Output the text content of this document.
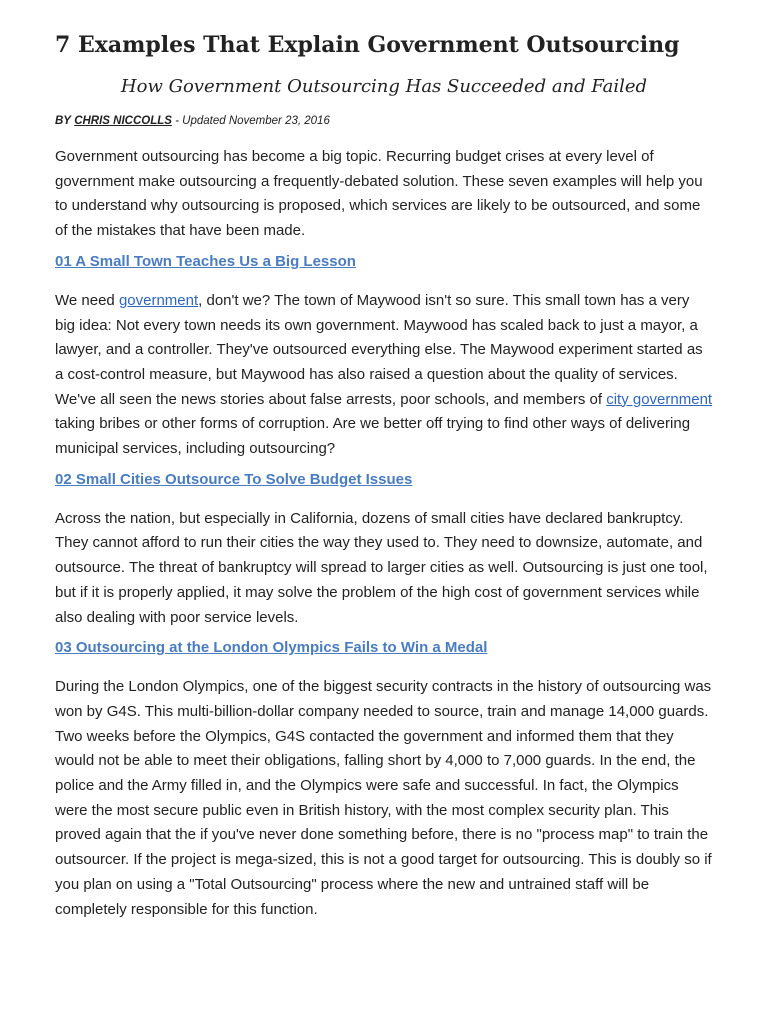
7 Examples That Explain Government Outsourcing
How Government Outsourcing Has Succeeded and Failed
BY CHRIS NICCOLLS - Updated November 23, 2016

Government outsourcing has become a big topic. Recurring budget crises at every level of government make outsourcing a frequently-debated solution. These seven examples will help you to understand why outsourcing is proposed, which services are likely to be outsourced, and some of the mistakes that have been made.

01 A Small Town Teaches Us a Big Lesson

We need government, don't we? The town of Maywood isn't so sure. This small town has a very big idea: Not every town needs its own government. Maywood has scaled back to just a mayor, a lawyer, and a controller. They've outsourced everything else. The Maywood experiment started as a cost-control measure, but Maywood has also raised a question about the quality of services. We've all seen the news stories about false arrests, poor schools, and members of city government taking bribes or other forms of corruption. Are we better off trying to find other ways of delivering municipal services, including outsourcing?

02 Small Cities Outsource To Solve Budget Issues

Across the nation, but especially in California, dozens of small cities have declared bankruptcy. They cannot afford to run their cities the way they used to. They need to downsize, automate, and outsource. The threat of bankruptcy will spread to larger cities as well. Outsourcing is just one tool, but if it is properly applied, it may solve the problem of the high cost of government services while also dealing with poor service levels.

03 Outsourcing at the London Olympics Fails to Win a Medal

During the London Olympics, one of the biggest security contracts in the history of outsourcing was won by G4S. This multi-billion-dollar company needed to source, train and manage 14,000 guards. Two weeks before the Olympics, G4S contacted the government and informed them that they would not be able to meet their obligations, falling short by 4,000 to 7,000 guards. In the end, the police and the Army filled in, and the Olympics were safe and successful. In fact, the Olympics were the most secure public even in British history, with the most complex security plan. This proved again that the if you've never done something before, there is no "process map" to train the outsourcer. If the project is mega-sized, this is not a good target for outsourcing. This is doubly so if you plan on using a "Total Outsourcing" process where the new and untrained staff will be completely responsible for this function.
